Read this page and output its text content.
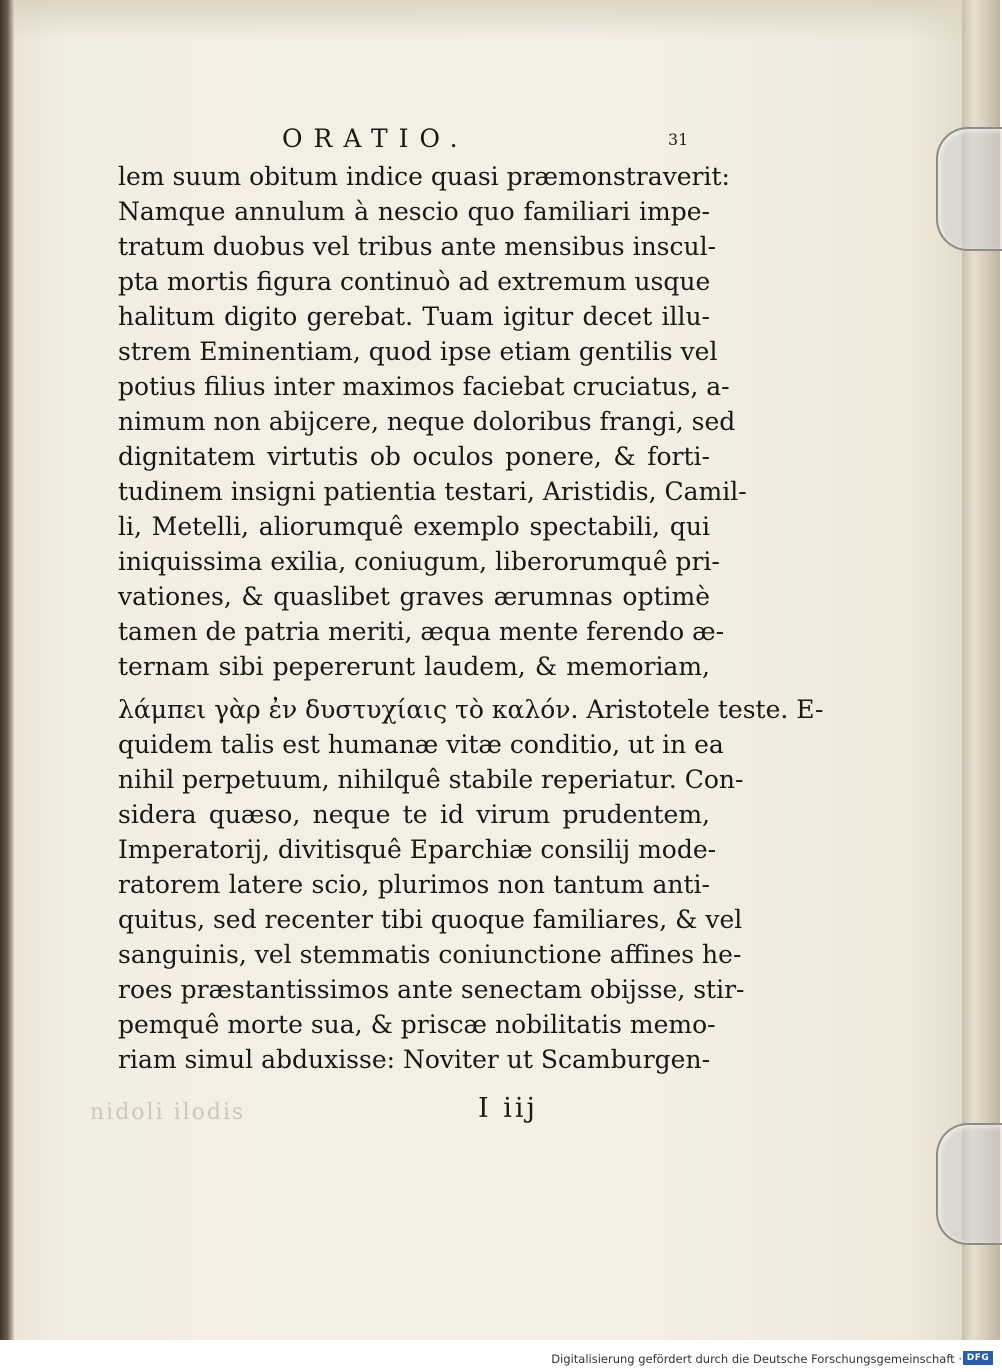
ORATIO.	31
lem suum obitum indice quasi præmonstraverit:
Namque annulum à nescio quo familiari impe-
tratum duobus vel tribus ante mensibus inscul-
pta mortis figura continuò ad extremum usque
halitum digito gerebat. Tuam igitur decet illu-
strem Eminentiam, quod ipse etiam gentilis vel
potius filius inter maximos faciebat cruciatus, a-
nimum non abijcere, neque doloribus frangi, sed
dignitatem virtutis ob oculos ponere, & forti-
tudinem insigni patientia testari, Aristidis, Camil-
li, Metelli, aliorumquê exemplo spectabili, qui
iniquissima exilia, coniugum, liberorumquê pri-
vationes, & quaslibet graves ærumnas optimè
tamen de patria meriti, æqua mente ferendo æ-
ternam sibi pepererunt laudem, & memoriam,
λάμπει γὰρ ἐν δυστυχίαις τὸ καλόν. Aristotele teste. E-
quidem talis est humanæ vitæ conditio, ut in ea
nihil perpetuum, nihilquê stabile reperiatur. Con-
sidera quæso, neque te id virum prudentem,
Imperatorij, divitisquê Eparchiæ consilij mode-
ratorem latere scio, plurimos non tantum anti-
quitus, sed recenter tibi quoque familiares, & vel
sanguinis, vel stemmatis coniunctione affines he-
roes præstantissimos ante senectam obijsse, stir-
pemquê morte sua, & priscæ nobilitatis memo-
riam simul abduxisse: Noviter ut Scamburgen-
nidoli ilodis	I iij
Digitalisierung gefördert durch die Deutsche Forschungsgemeinschaft · DFG
